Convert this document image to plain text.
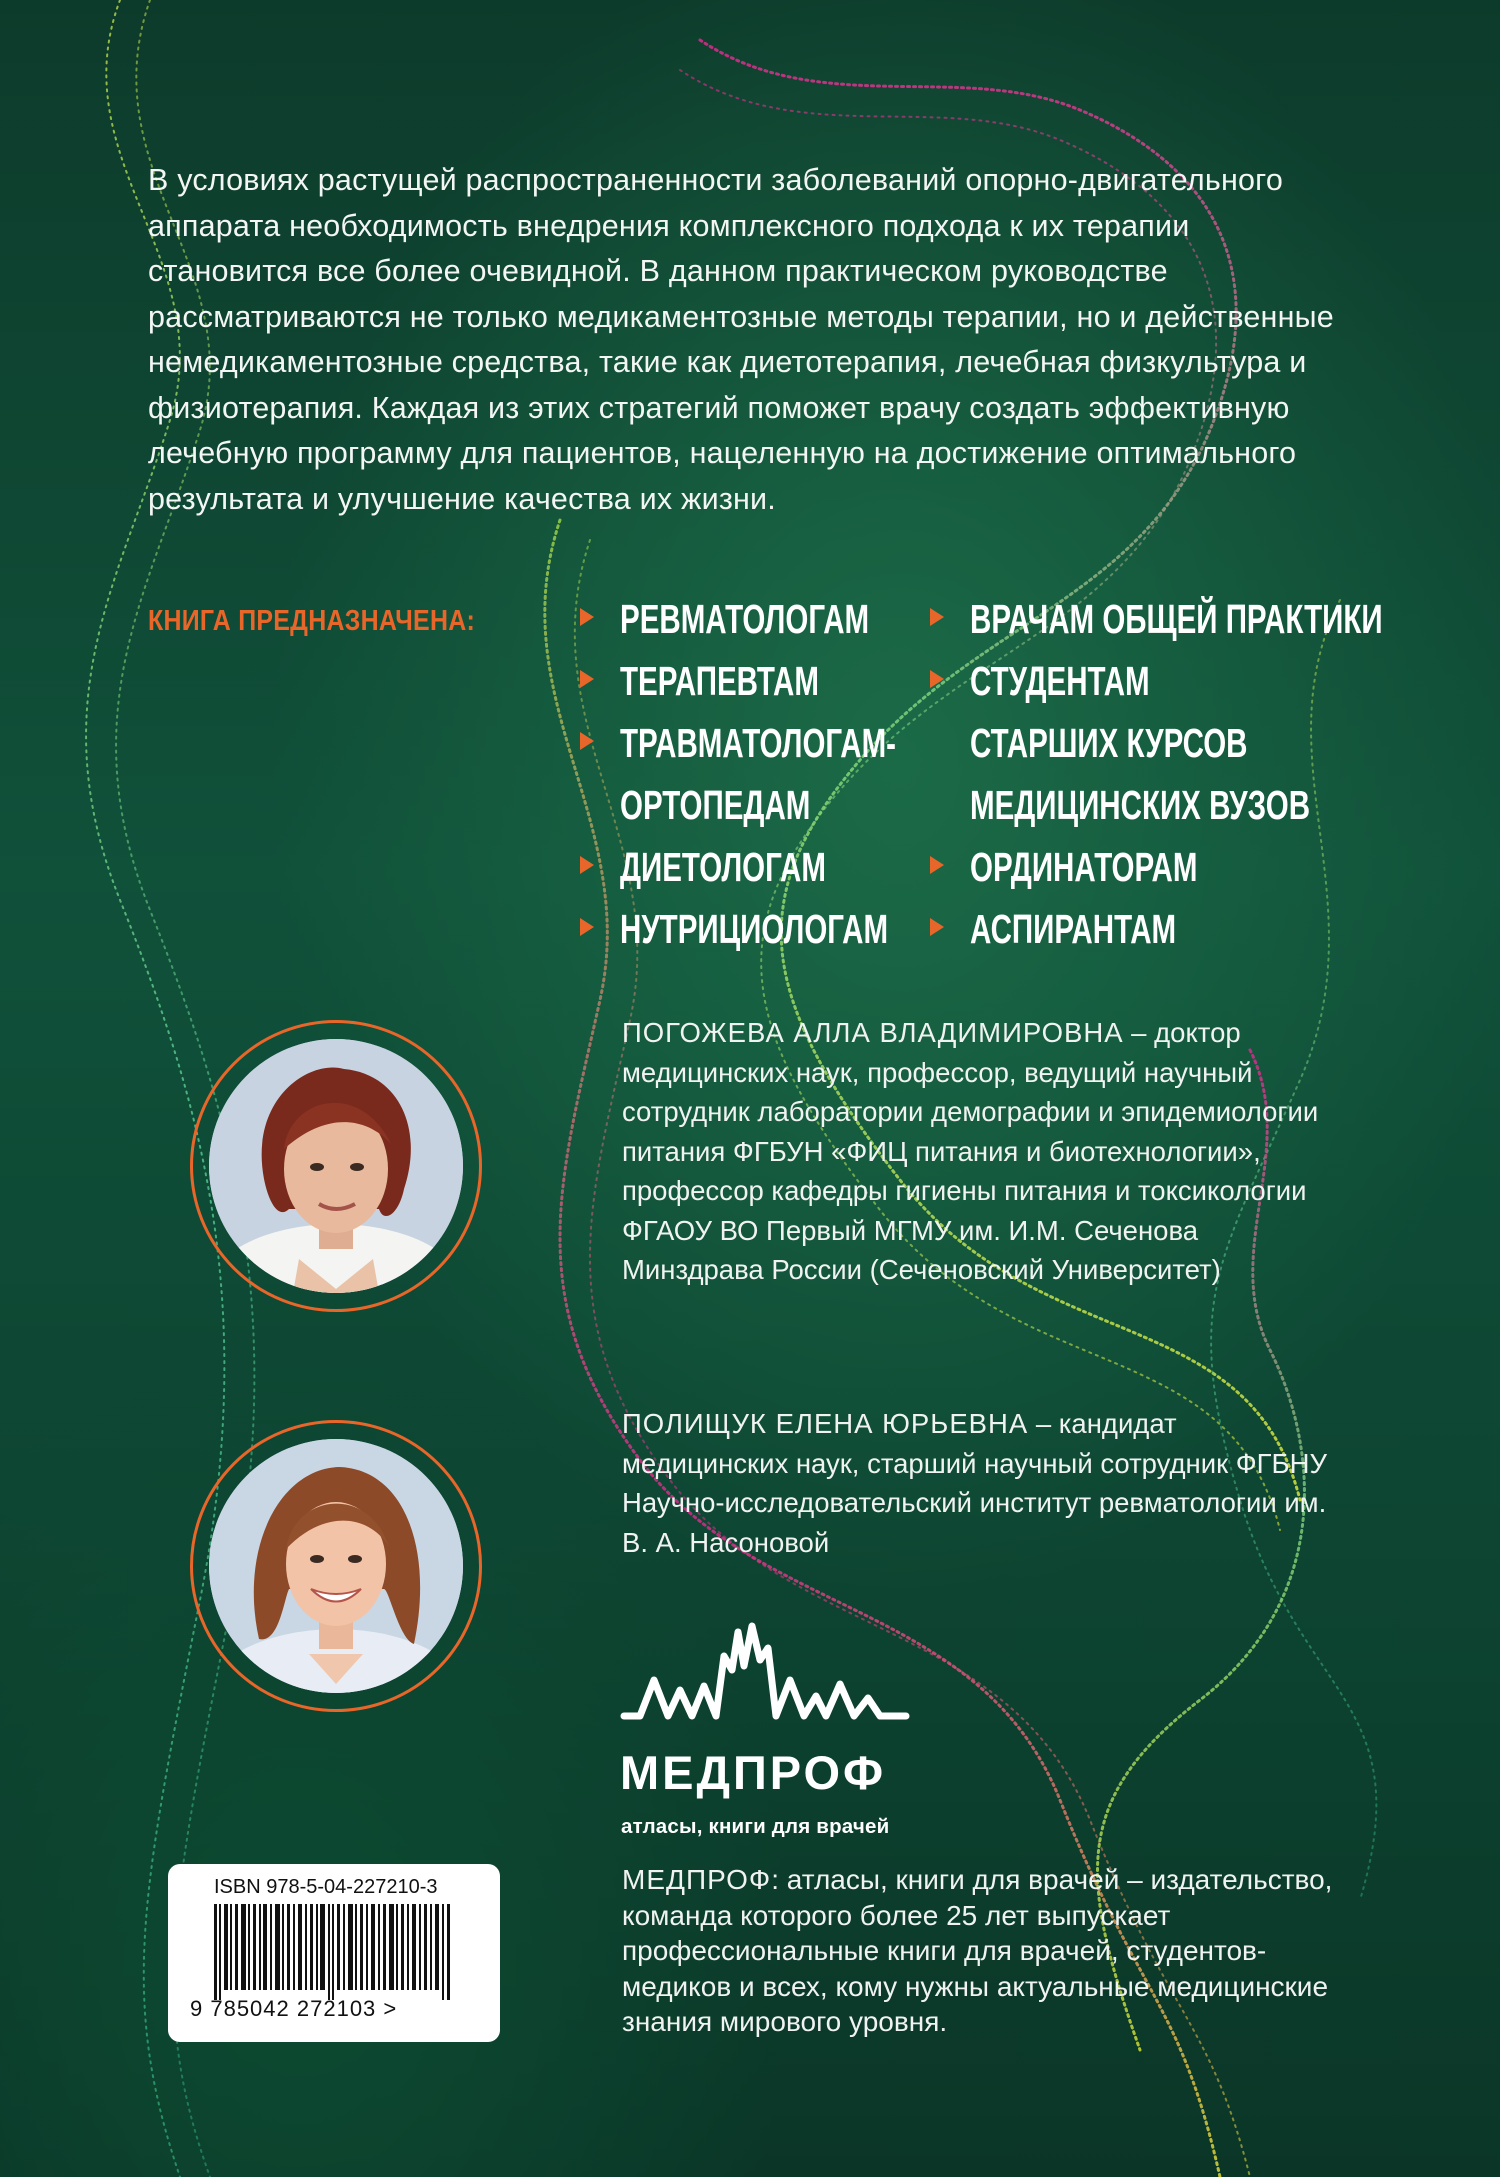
В условиях растущей распространенности заболеваний опорно-двигательного аппарата необходимость внедрения комплексного подхода к их терапии становится все более очевидной. В данном практическом руководстве рассматриваются не только медикаментозные методы терапии, но и действенные немедикаментозные средства, такие как диетотерапия, лечебная физкультура и физиотерапия. Каждая из этих стратегий поможет врачу создать эффективную лечебную программу для пациентов, нацеленную на достижение оптимального результата и улучшение качества их жизни.

КНИГА ПРЕДНАЗНАЧЕНА:	РЕВМАТОЛОГАМ
ТЕРАПЕВТАМ
ТРАВМАТОЛОГАМ-
ОРТОПЕДАМ
ДИЕТОЛОГАМ
НУТРИЦИОЛОГАМ
ВРАЧАМ ОБЩЕЙ ПРАКТИКИ
СТУДЕНТАМ
СТАРШИХ КУРСОВ
МЕДИЦИНСКИХ ВУЗОВ
ОРДИНАТОРАМ
АСПИРАНТАМ

ПОГОЖЕВА АЛЛА ВЛАДИМИРОВНА – доктор медицинских наук, профессор, ведущий научный сотрудник лаборатории демографии и эпидемиологии питания ФГБУН «ФИЦ питания и биотехнологии», профессор кафедры гигиены питания и токсикологии ФГАОУ ВО Первый МГМУ им. И.М. Сеченова Минздрава России (Сеченовский Университет)

ПОЛИЩУК ЕЛЕНА ЮРЬЕВНА – кандидат медицинских наук, старший научный сотрудник ФГБНУ Научно-исследовательский институт ревматологии им. В. А. Насоновой

МЕДПРОФ
атласы, книги для врачей

МЕДПРОФ: атласы, книги для врачей – издательство, команда которого более 25 лет выпускает профессиональные книги для врачей, студентов-медиков и всех, кому нужны актуальные медицинские знания мирового уровня.

ISBN 978-5-04-227210-3
9 785042 272103 >
